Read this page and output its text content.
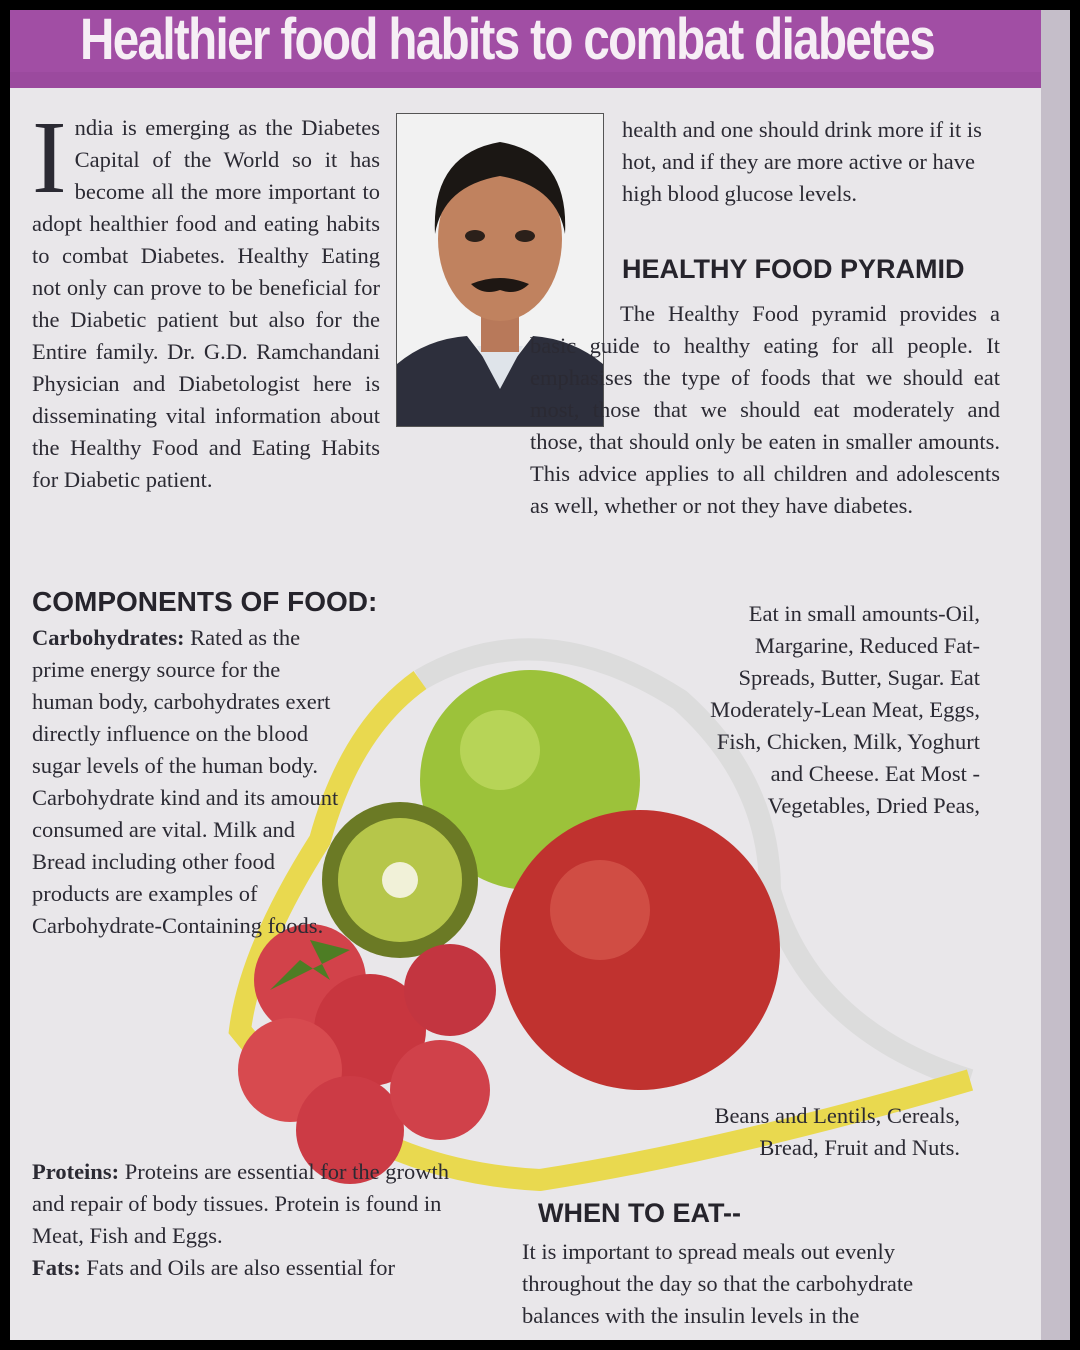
Healthier food habits to combat diabetes

India is emerging as the Diabetes Capital of the World so it has become all the more important to adopt healthier food and eating habits to combat Diabetes. Healthy Eating not only can prove to be beneficial for the Diabetic patient but also for the Entire family. Dr. G.D. Ramchandani Physician and Diabetologist here is disseminating vital information about the Healthy Food and Eating Habits for Diabetic patient.

health and one should drink more if it is hot, and if they are more active or have high blood glucose levels.

HEALTHY FOOD PYRAMID

The Healthy Food pyramid provides a basic guide to healthy eating for all people. It emphasises the type of foods that we should eat most, those that we should eat moderately and those, that should only be eaten in smaller amounts. This advice applies to all children and adolescents as well, whether or not they have diabetes.

COMPONENTS OF FOOD:

Carbohydrates: Rated as the prime energy source for the human body, carbohydrates exert directly influence on the blood sugar levels of the human body. Carbohydrate kind and its amount consumed are vital. Milk and Bread including other food products are examples of Carbohydrate-Containing foods.

Proteins: Proteins are essential for the growth and repair of body tissues. Protein is found in Meat, Fish and Eggs.

Fats: Fats and Oils are also essential for

Eat in small amounts-Oil, Margarine, Reduced Fat-Spreads, Butter, Sugar. Eat Moderately-Lean Meat, Eggs, Fish, Chicken, Milk, Yoghurt and Cheese. Eat Most - Vegetables, Dried Peas,

Beans and Lentils, Cereals, Bread, Fruit and Nuts.

WHEN TO EAT--

It is important to spread meals out evenly throughout the day so that the carbohydrate balances with the insulin levels in the
